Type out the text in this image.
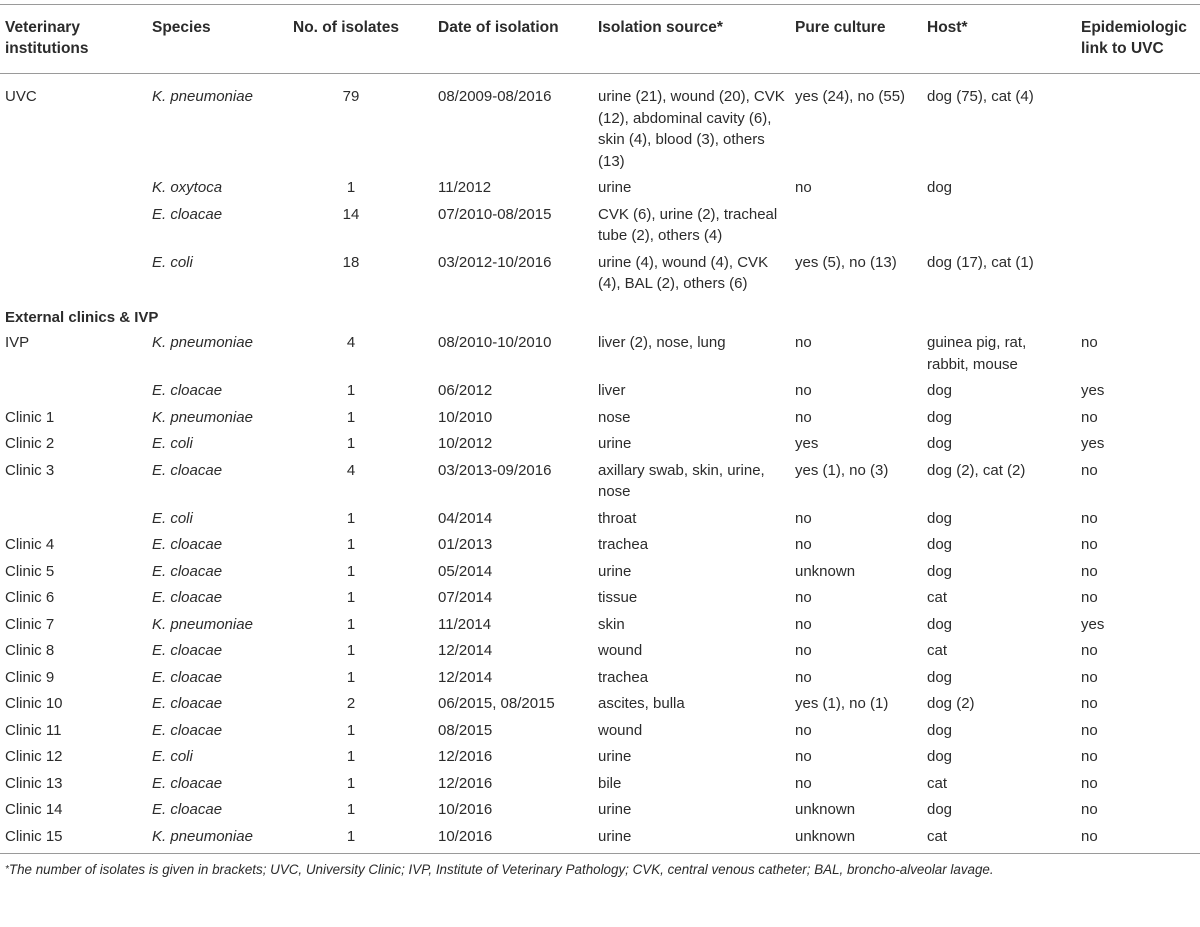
Veterinary institutions	Species	No. of isolates	Date of isolation	Isolation source*	Pure culture	Host*	Epidemiologic link to UVC
UVC	K. pneumoniae	79	08/2009-08/2016	urine (21), wound (20), CVK (12), abdominal cavity (6), skin (4), blood (3), others (13)	yes (24), no (55)	dog (75), cat (4)	
	K. oxytoca	1	11/2012	urine	no	dog	
	E. cloacae	14	07/2010-08/2015	CVK (6), urine (2), tracheal tube (2), others (4)			
	E. coli	18	03/2012-10/2016	urine (4), wound (4), CVK (4), BAL (2), others (6)	yes (5), no (13)	dog (17), cat (1)	
External clinics & IVP							
IVP	K. pneumoniae	4	08/2010-10/2010	liver (2), nose, lung	no	guinea pig, rat, rabbit, mouse	no
	E. cloacae	1	06/2012	liver	no	dog	yes
Clinic 1	K. pneumoniae	1	10/2010	nose	no	dog	no
Clinic 2	E. coli	1	10/2012	urine	yes	dog	yes
Clinic 3	E. cloacae	4	03/2013-09/2016	axillary swab, skin, urine, nose	yes (1), no (3)	dog (2), cat (2)	no
	E. coli	1	04/2014	throat	no	dog	no
Clinic 4	E. cloacae	1	01/2013	trachea	no	dog	no
Clinic 5	E. cloacae	1	05/2014	urine	unknown	dog	no
Clinic 6	E. cloacae	1	07/2014	tissue	no	cat	no
Clinic 7	K. pneumoniae	1	11/2014	skin	no	dog	yes
Clinic 8	E. cloacae	1	12/2014	wound	no	cat	no
Clinic 9	E. cloacae	1	12/2014	trachea	no	dog	no
Clinic 10	E. cloacae	2	06/2015, 08/2015	ascites, bulla	yes (1), no (1)	dog (2)	no
Clinic 11	E. cloacae	1	08/2015	wound	no	dog	no
Clinic 12	E. coli	1	12/2016	urine	no	dog	no
Clinic 13	E. cloacae	1	12/2016	bile	no	cat	no
Clinic 14	E. cloacae	1	10/2016	urine	unknown	dog	no
Clinic 15	K. pneumoniae	1	10/2016	urine	unknown	cat	no
*The number of isolates is given in brackets; UVC, University Clinic; IVP, Institute of Veterinary Pathology; CVK, central venous catheter; BAL, broncho-alveolar lavage.							
